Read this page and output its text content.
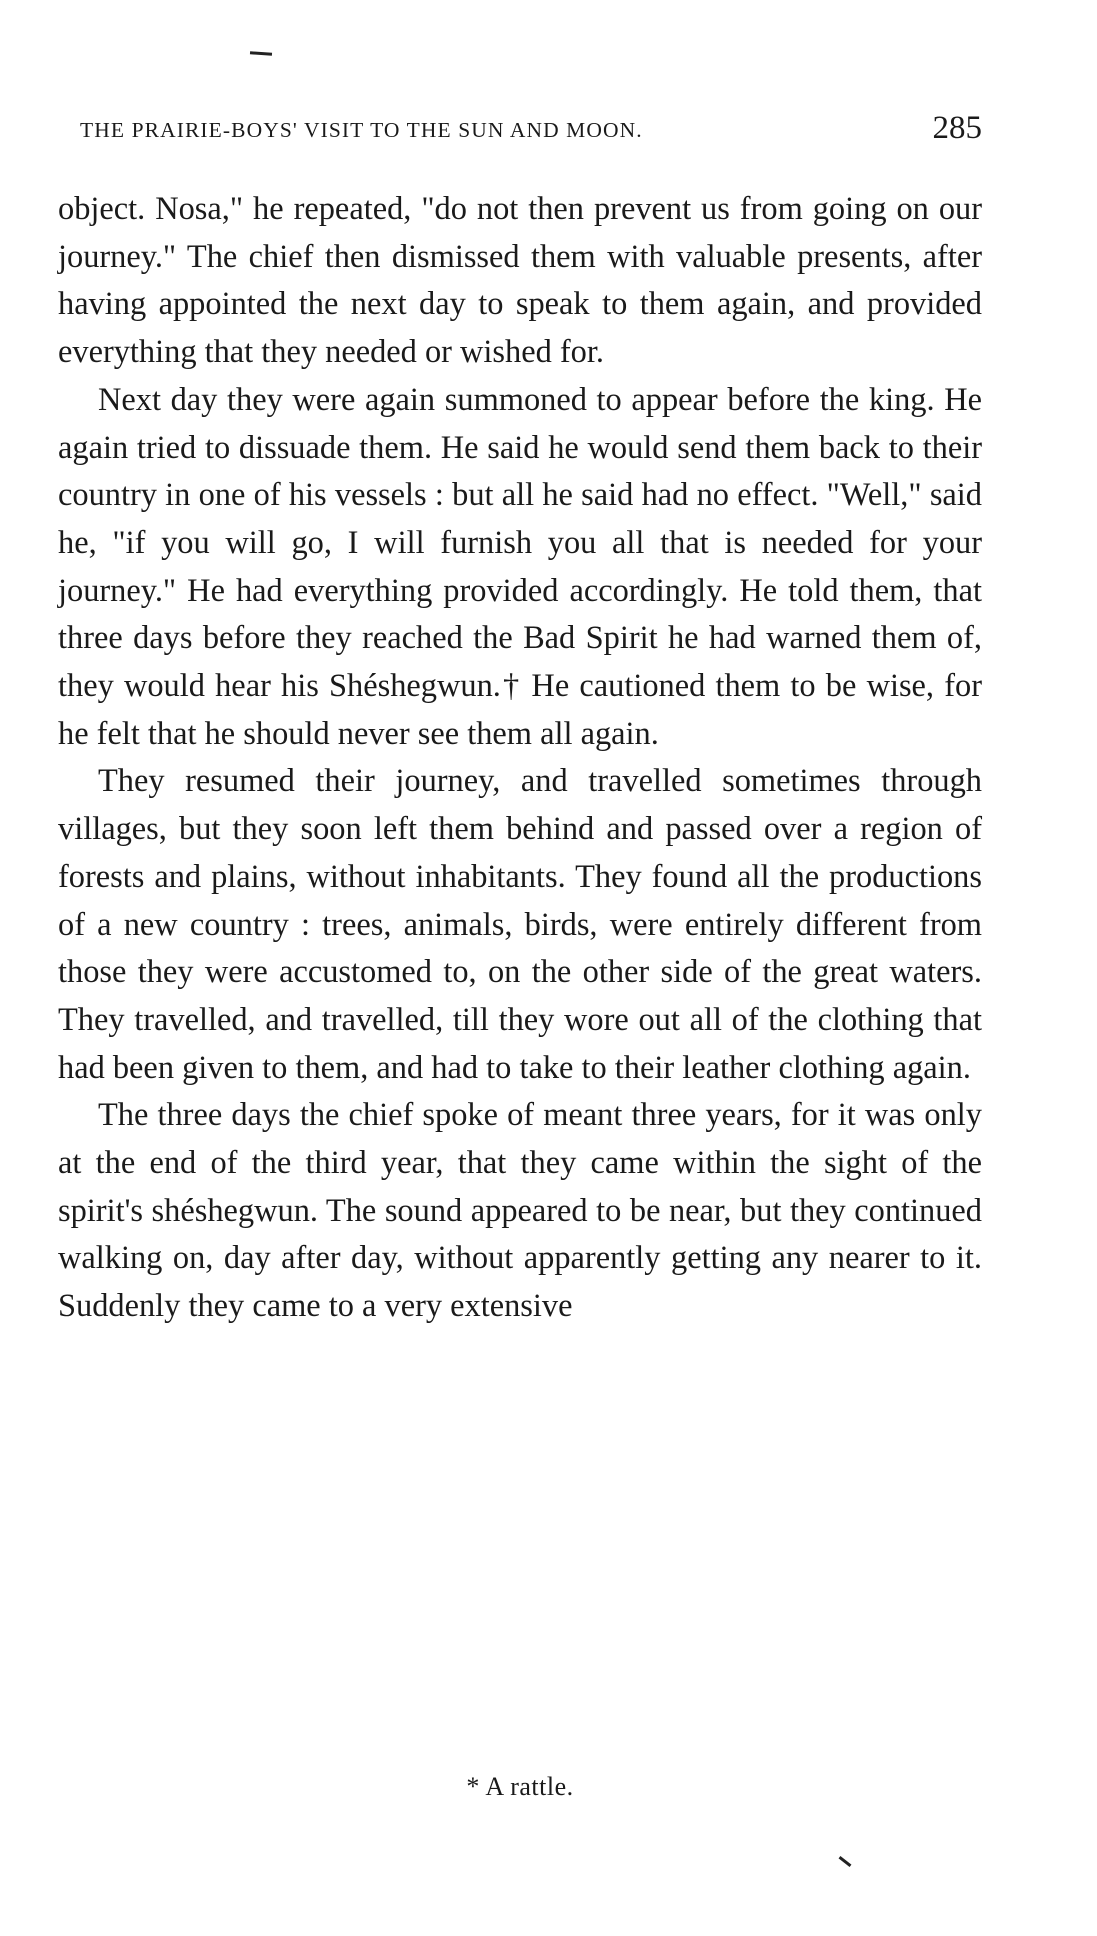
THE PRAIRIE-BOYS' VISIT TO THE SUN AND MOON.	285

object. Nosa," he repeated, "do not then prevent us from going on our journey." The chief then dismissed them with valuable presents, after having appointed the next day to speak to them again, and provided everything that they needed or wished for.

Next day they were again summoned to appear before the king. He again tried to dissuade them. He said he would send them back to their country in one of his vessels : but all he said had no effect. "Well," said he, "if you will go, I will furnish you all that is needed for your journey." He had everything provided accordingly. He told them, that three days before they reached the Bad Spirit he had warned them of, they would hear his Shéshegwun.† He cautioned them to be wise, for he felt that he should never see them all again.

They resumed their journey, and travelled sometimes through villages, but they soon left them behind and passed over a region of forests and plains, without inhabitants. They found all the productions of a new country : trees, animals, birds, were entirely different from those they were accustomed to, on the other side of the great waters. They travelled, and travelled, till they wore out all of the clothing that had been given to them, and had to take to their leather clothing again.

The three days the chief spoke of meant three years, for it was only at the end of the third year, that they came within the sight of the spirit's shéshegwun. The sound appeared to be near, but they continued walking on, day after day, without apparently getting any nearer to it. Suddenly they came to a very extensive

* A rattle.
